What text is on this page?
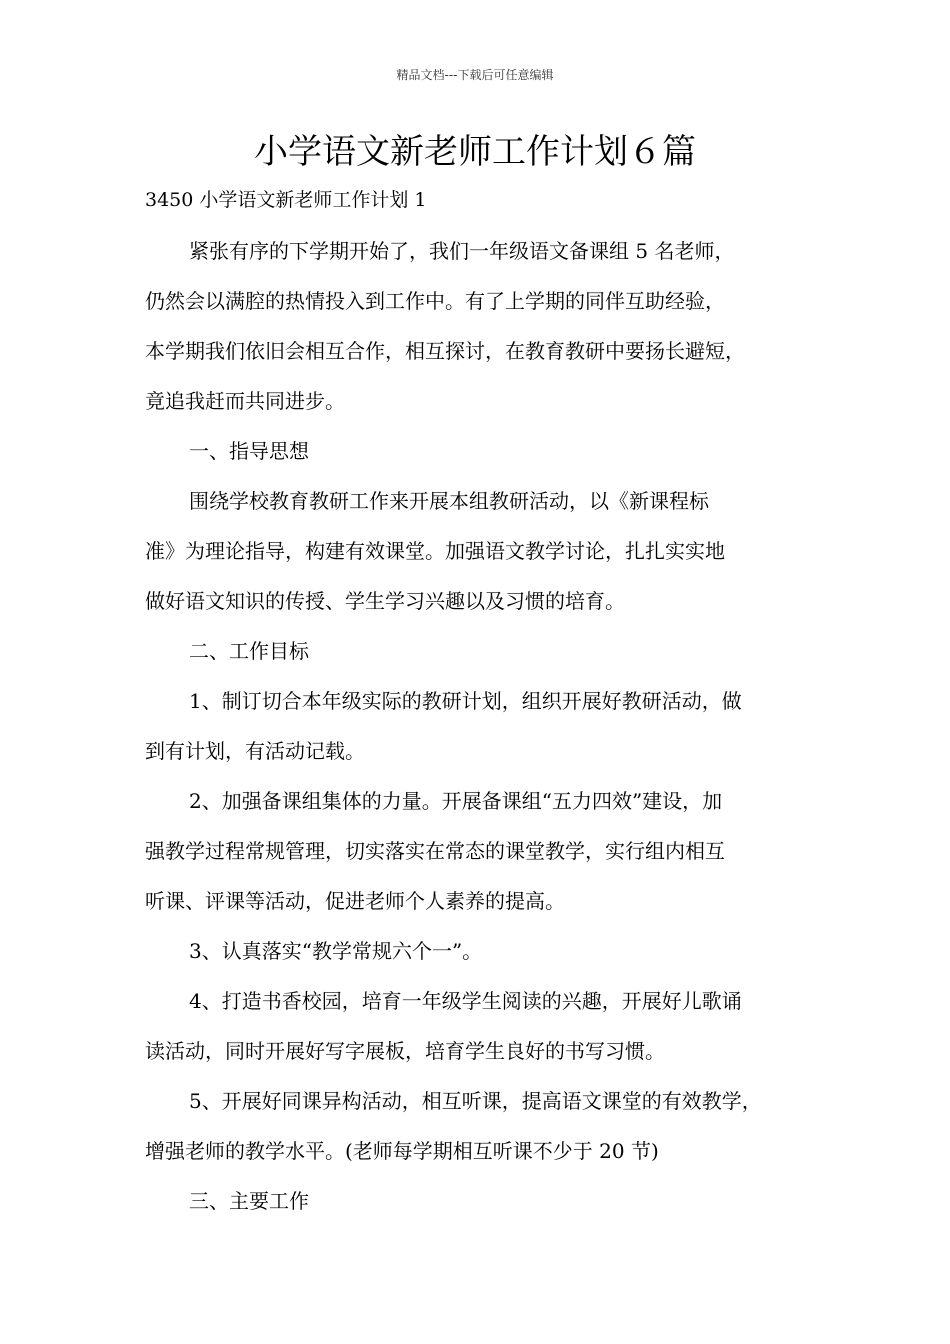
精品文档---下载后可任意编辑
小学语文新老师工作计划６篇
3450 小学语文新老师工作计划 1
紧张有序的下学期开始了，我们一年级语文备课组 5 名老师，
仍然会以满腔的热情投入到工作中。有了上学期的同伴互助经验，
本学期我们依旧会相互合作，相互探讨，在教育教研中要扬长避短，
竟追我赶而共同进步。
一、指导思想
围绕学校教育教研工作来开展本组教研活动，以《新课程标
准》为理论指导，构建有效课堂。加强语文教学讨论，扎扎实实地
做好语文知识的传授、学生学习兴趣以及习惯的培育。
二、工作目标
1、制订切合本年级实际的教研计划，组织开展好教研活动，做
到有计划，有活动记载。
2、加强备课组集体的力量。开展备课组“五力四效”建设，加
强教学过程常规管理，切实落实在常态的课堂教学，实行组内相互
听课、评课等活动，促进老师个人素养的提高。
3、认真落实“教学常规六个一”。
4、打造书香校园，培育一年级学生阅读的兴趣，开展好儿歌诵
读活动，同时开展好写字展板，培育学生良好的书写习惯。
5、开展好同课异构活动，相互听课，提高语文课堂的有效教学，
增强老师的教学水平。(老师每学期相互听课不少于 20 节)
三、主要工作
